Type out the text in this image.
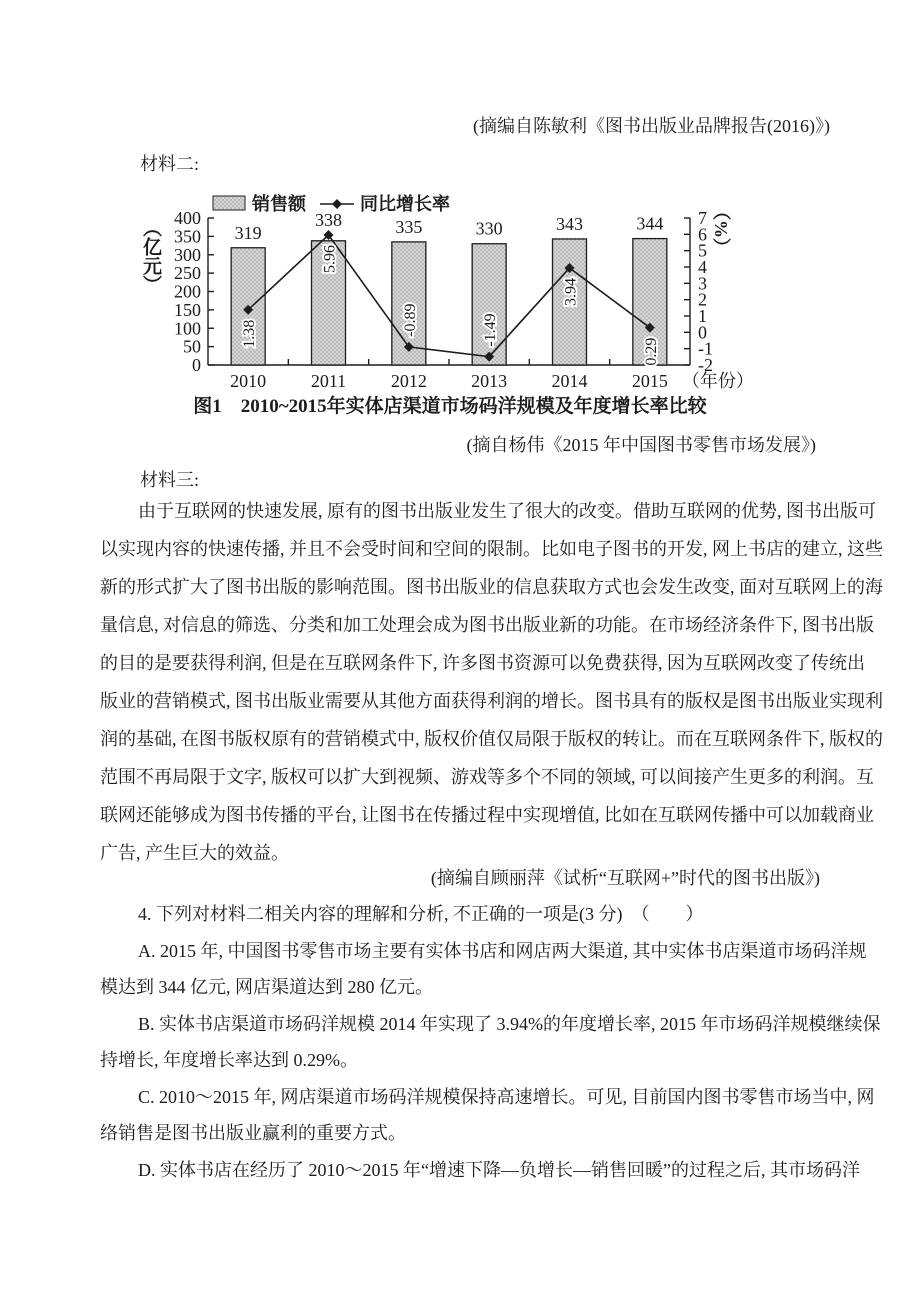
(摘编自陈敏利《图书出版业品牌报告(2016)》)
材料二:
销售额	同比增长率
0
50
100
150
200
250
300
350
400
-2
-1
0
1
2
3
4
5
6
7
2010 2011 2012 2013 2014 2015 （年份）
319
338	335	330	343	344
1.38
5.96
-0.89	-1.49
3.94
0.29
（亿元）	（%）
图1　2010~2015年实体店渠道市场码洋规模及年度增长率比较
(摘自杨伟《2015 年中国图书零售市场发展》)
材料三:
由于互联网的快速发展, 原有的图书出版业发生了很大的改变。借助互联网的优势, 图书出版可
以实现内容的快速传播, 并且不会受时间和空间的限制。比如电子图书的开发, 网上书店的建立, 这些
新的形式扩大了图书出版的影响范围。图书出版业的信息获取方式也会发生改变, 面对互联网上的海
量信息, 对信息的筛选、分类和加工处理会成为图书出版业新的功能。在市场经济条件下, 图书出版
的目的是要获得利润, 但是在互联网条件下, 许多图书资源可以免费获得, 因为互联网改变了传统出
版业的营销模式, 图书出版业需要从其他方面获得利润的增长。图书具有的版权是图书出版业实现利
润的基础, 在图书版权原有的营销模式中, 版权价值仅局限于版权的转让。而在互联网条件下, 版权的
范围不再局限于文字, 版权可以扩大到视频、游戏等多个不同的领域, 可以间接产生更多的利润。互
联网还能够成为图书传播的平台, 让图书在传播过程中实现增值, 比如在互联网传播中可以加载商业
广告, 产生巨大的效益。
(摘编自顾丽萍《试析“互联网+”时代的图书出版》)
4. 下列对材料二相关内容的理解和分析, 不正确的一项是(3 分)　（　　）
A. 2015 年, 中国图书零售市场主要有实体书店和网店两大渠道, 其中实体书店渠道市场码洋规
模达到 344 亿元, 网店渠道达到 280 亿元。
B. 实体书店渠道市场码洋规模 2014 年实现了 3.94%的年度增长率, 2015 年市场码洋规模继续保
持增长, 年度增长率达到 0.29%。
C. 2010～2015 年, 网店渠道市场码洋规模保持高速增长。可见, 目前国内图书零售市场当中, 网
络销售是图书出版业赢利的重要方式。
D. 实体书店在经历了 2010～2015 年“增速下降—负增长—销售回暖”的过程之后, 其市场码洋
